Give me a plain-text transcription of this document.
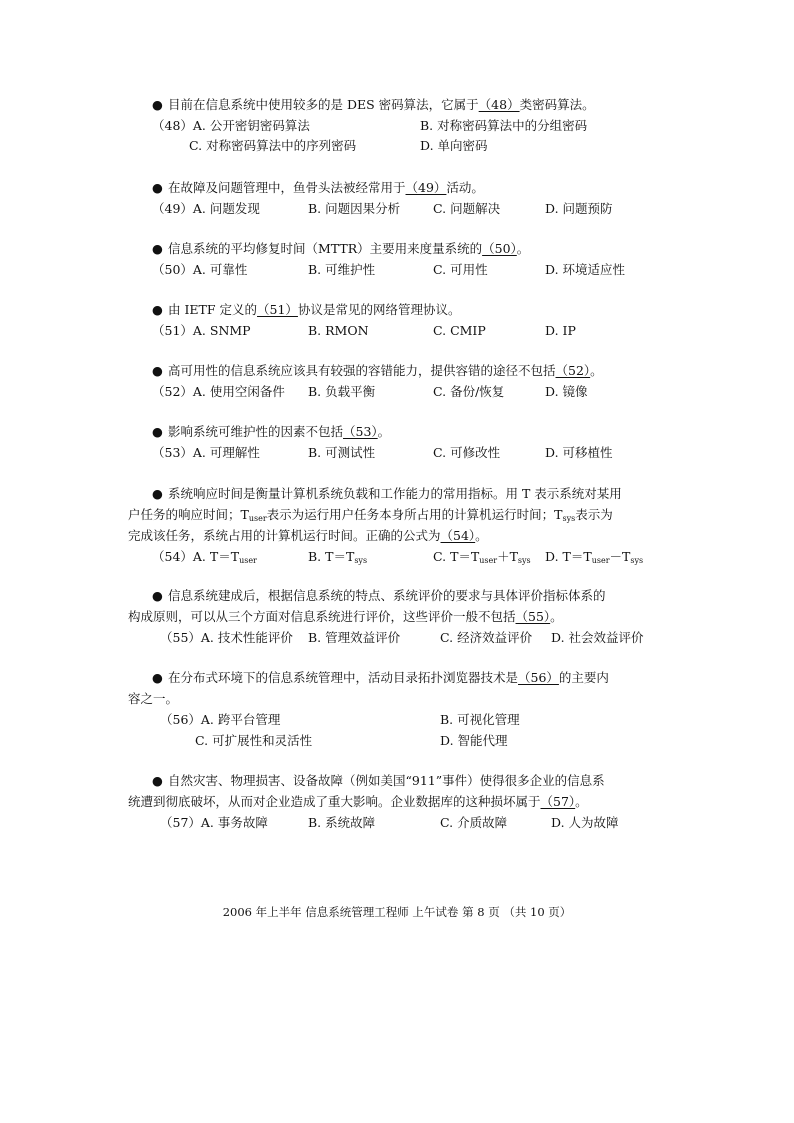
● 目前在信息系统中使用较多的是 DES 密码算法，它属于（48）类密码算法。
（48）A. 公开密钥密码算法	B. 对称密码算法中的分组密码
C. 对称密码算法中的序列密码	D. 单向密码
● 在故障及问题管理中，鱼骨头法被经常用于（49）活动。
（49）A. 问题发现	B. 问题因果分析	C. 问题解决	D. 问题预防
● 信息系统的平均修复时间（MTTR）主要用来度量系统的（50）。
（50）A. 可靠性	B. 可维护性	C. 可用性	D. 环境适应性
● 由 IETF 定义的（51）协议是常见的网络管理协议。
（51）A. SNMP	B. RMON	C. CMIP	D. IP
● 高可用性的信息系统应该具有较强的容错能力，提供容错的途径不包括（52）。
（52）A. 使用空闲备件 B. 负载平衡	C. 备份/恢复	D. 镜像
● 影响系统可维护性的因素不包括（53）。
（53）A. 可理解性	B. 可测试性	C. 可修改性	D. 可移植性
● 系统响应时间是衡量计算机系统负载和工作能力的常用指标。用 T 表示系统对某用
户任务的响应时间；$T_{user}$表示为运行用户任务本身所占用的计算机运行时间；$T_{sys}$表示为
完成该任务，系统占用的计算机运行时间。正确的公式为（54）。
（54）A. $T=T_{user}$	B. $T=T_{sys}$	C. $T=T_{user}+T_{sys}$ D. $T=T_{user}-T_{sys}$
● 信息系统建成后，根据信息系统的特点、系统评价的要求与具体评价指标体系的
构成原则，可以从三个方面对信息系统进行评价，这些评价一般不包括（55）。
（55）A. 技术性能评价 B. 管理效益评价	C. 经济效益评价 D. 社会效益评价
● 在分布式环境下的信息系统管理中，活动目录拓扑浏览器技术是（56）的主要内
容之一。
（56）A. 跨平台管理	B. 可视化管理
C. 可扩展性和灵活性	D. 智能代理
● 自然灾害、物理损害、设备故障（例如美国“911”事件）使得很多企业的信息系
统遭到彻底破坏，从而对企业造成了重大影响。企业数据库的这种损坏属于（57）。
（57）A. 事务故障	B. 系统故障	C. 介质故障	D. 人为故障
2006 年上半年 信息系统管理工程师 上午试卷 第 8 页 （共 10 页）
